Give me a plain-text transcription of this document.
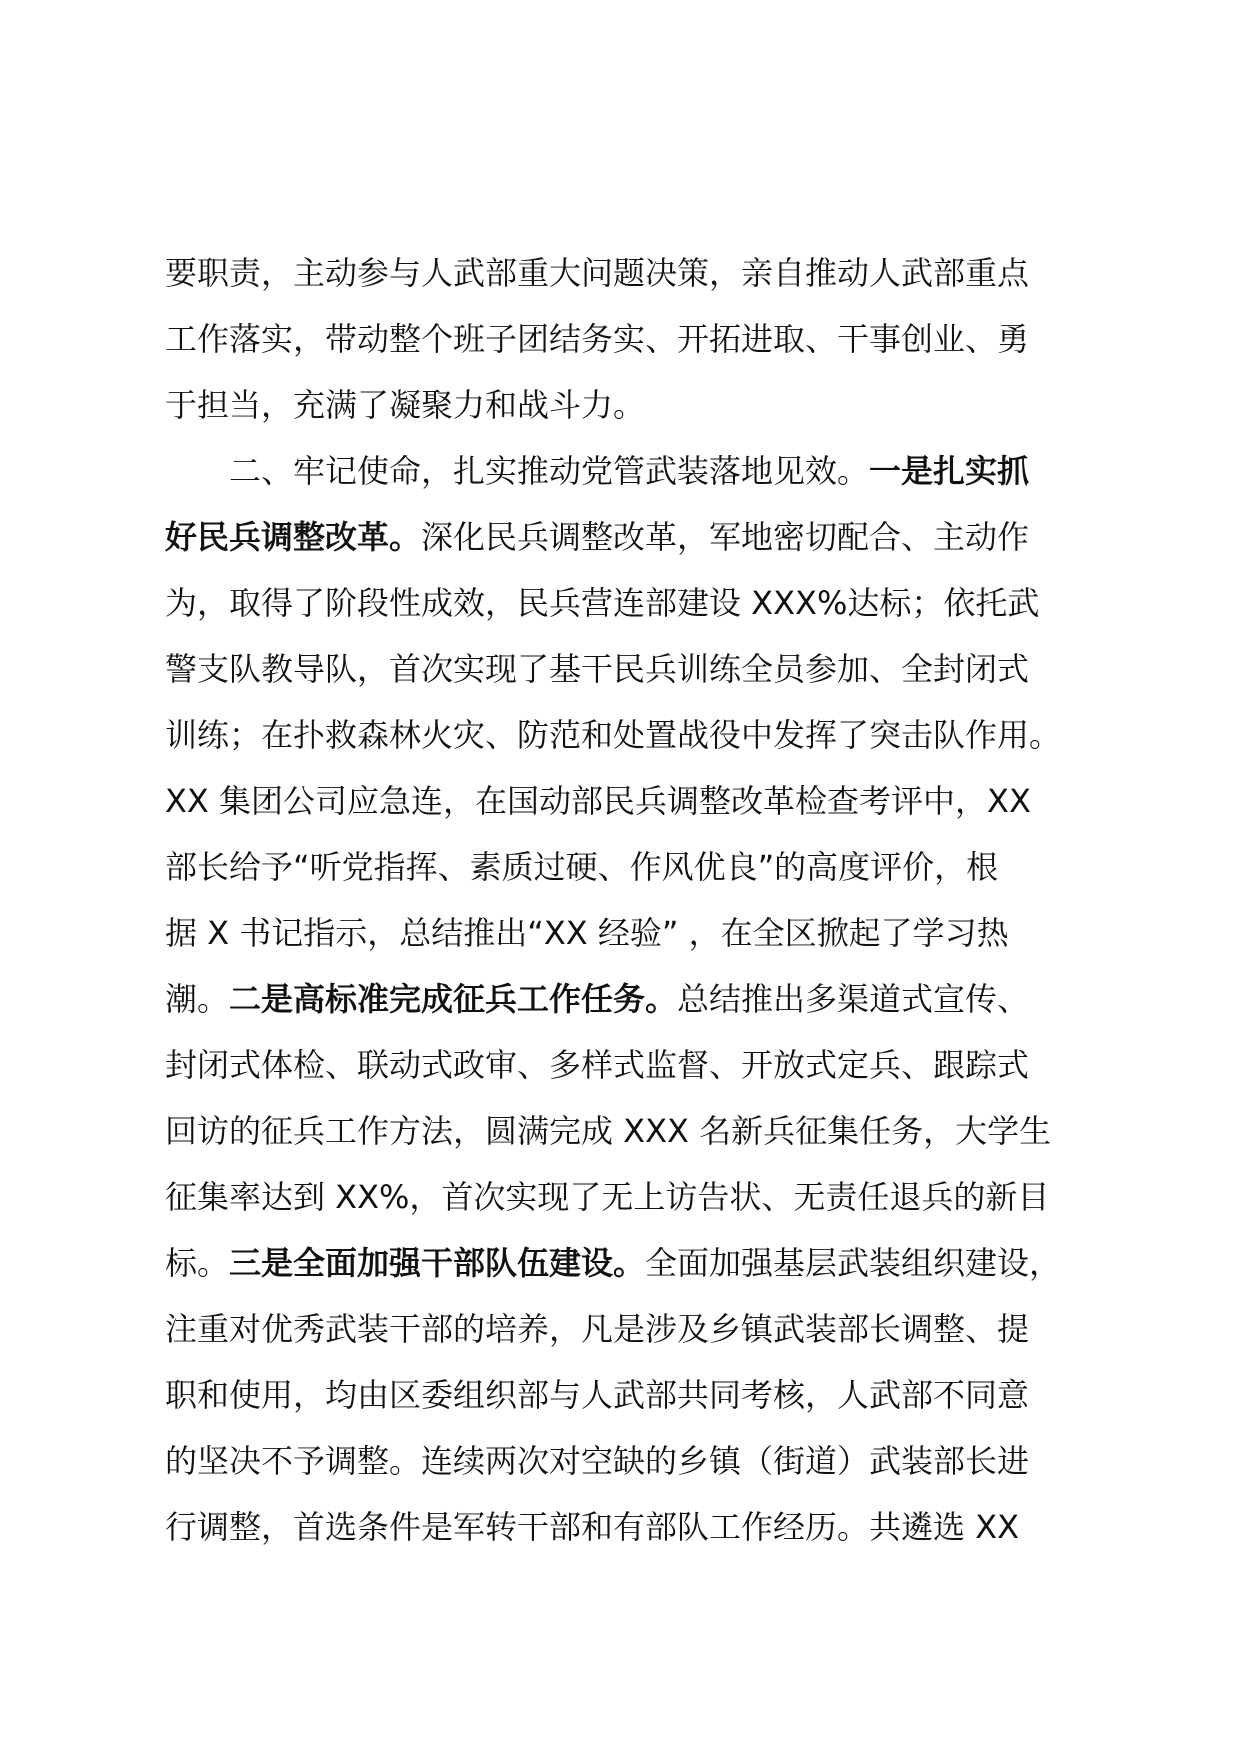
要职责，主动参与人武部重大问题决策，亲自推动人武部重点
工作落实，带动整个班子团结务实、开拓进取、干事创业、勇
于担当，充满了凝聚力和战斗力。
二、牢记使命，扎实推动党管武装落地见效。一是扎实抓
好民兵调整改革。深化民兵调整改革，军地密切配合、主动作
为，取得了阶段性成效，民兵营连部建设 XXX%达标；依托武
警支队教导队，首次实现了基干民兵训练全员参加、全封闭式
训练；在扑救森林火灾、防范和处置战役中发挥了突击队作用。
XX 集团公司应急连，在国动部民兵调整改革检查考评中，XX
部长给予“听党指挥、素质过硬、作风优良”的高度评价，根
据 X 书记指示，总结推出“XX 经验” ，在全区掀起了学习热
潮。二是高标准完成征兵工作任务。总结推出多渠道式宣传、
封闭式体检、联动式政审、多样式监督、开放式定兵、跟踪式
回访的征兵工作方法，圆满完成 XXX 名新兵征集任务，大学生
征集率达到 XX%，首次实现了无上访告状、无责任退兵的新目
标。三是全面加强干部队伍建设。全面加强基层武装组织建设，
注重对优秀武装干部的培养，凡是涉及乡镇武装部长调整、提
职和使用，均由区委组织部与人武部共同考核，人武部不同意
的坚决不予调整。连续两次对空缺的乡镇（街道）武装部长进
行调整，首选条件是军转干部和有部队工作经历。共遴选 XX
